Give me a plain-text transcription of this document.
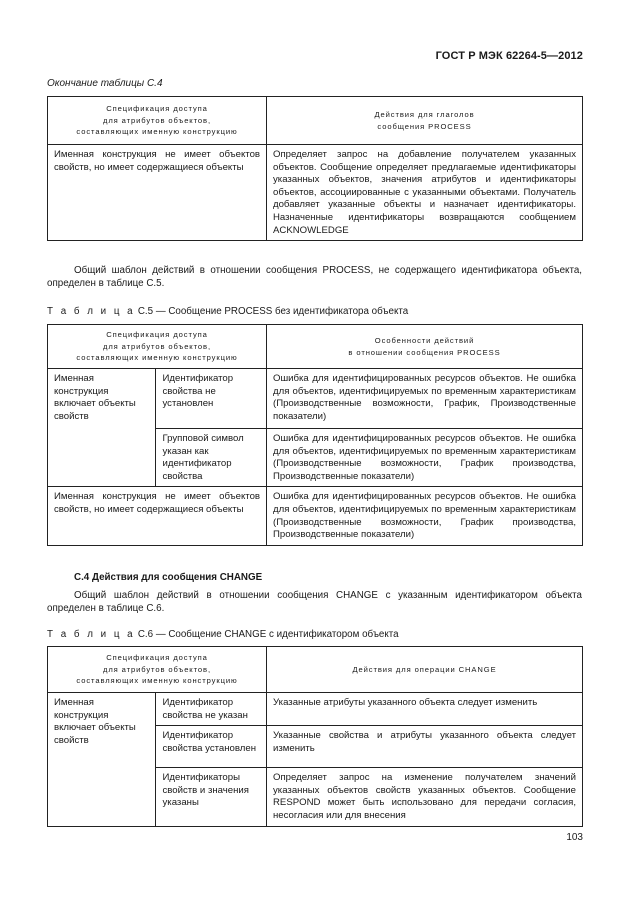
ГОСТ Р МЭК 62264-5—2012
Окончание таблицы С.4
Спецификация доступа
для атрибутов объектов,
составляющих именную конструкцию	Действия для глаголов
сообщения PROCESS
Именная конструкция не имеет объектов свойств, но имеет содержащиеся объекты	Определяет запрос на добавление получателем указанных объектов. Сообщение определяет предлагаемые идентификаторы указанных объектов, значения атрибутов и идентификаторы объектов, ассоциированные с указанными объектами. Получатель добавляет указанные объекты и назначает идентификаторы. Назначенные идентификаторы возвращаются сообщением ACKNOWLEDGE
Общий шаблон действий в отношении сообщения PROCESS, не содержащего идентификатора объекта, определен в таблице С.5.
Т а б л и ц а С.5 — Сообщение PROCESS без идентификатора объекта
Спецификация доступа
для атрибутов объектов,
составляющих именную конструкцию		Особенности действий
в отношении сообщения PROCESS
Именная конструкция включает объекты свойств	Идентификатор свойства не установлен	Ошибка для идентифицированных ресурсов объектов. Не ошибка для объектов, идентифицируемых по временным характеристикам (Производственные возможности, График, Производственные показатели)
	Групповой символ указан как идентификатор свойства	Ошибка для идентифицированных ресурсов объектов. Не ошибка для объектов, идентифицируемых по временным характеристикам (Производственные возможности, График производства, Производственные показатели)
Именная конструкция не имеет объектов свойств, но имеет содержащиеся объекты		Ошибка для идентифицированных ресурсов объектов. Не ошибка для объектов, идентифицируемых по временным характеристикам (Производственные возможности, График производства, Производственные показатели)
С.4 Действия для сообщения CHANGE
Общий шаблон действий в отношении сообщения CHANGE с указанным идентификатором объекта определен в таблице С.6.
Т а б л и ц а С.6 — Сообщение CHANGE с идентификатором объекта
Спецификация доступа
для атрибутов объектов,
составляющих именную конструкцию		Действия для операции CHANGE
Именная конструкция включает объекты свойств	Идентификатор свойства не указан	Указанные атрибуты указанного объекта следует изменить
	Идентификатор свойства установлен	Указанные свойства и атрибуты указанного объекта следует изменить
	Идентификаторы свойств и значения указаны	Определяет запрос на изменение получателем значений указанных объектов свойств указанных объектов. Сообщение RESPOND может быть использовано для передачи согласия, несогласия или для внесения
103
